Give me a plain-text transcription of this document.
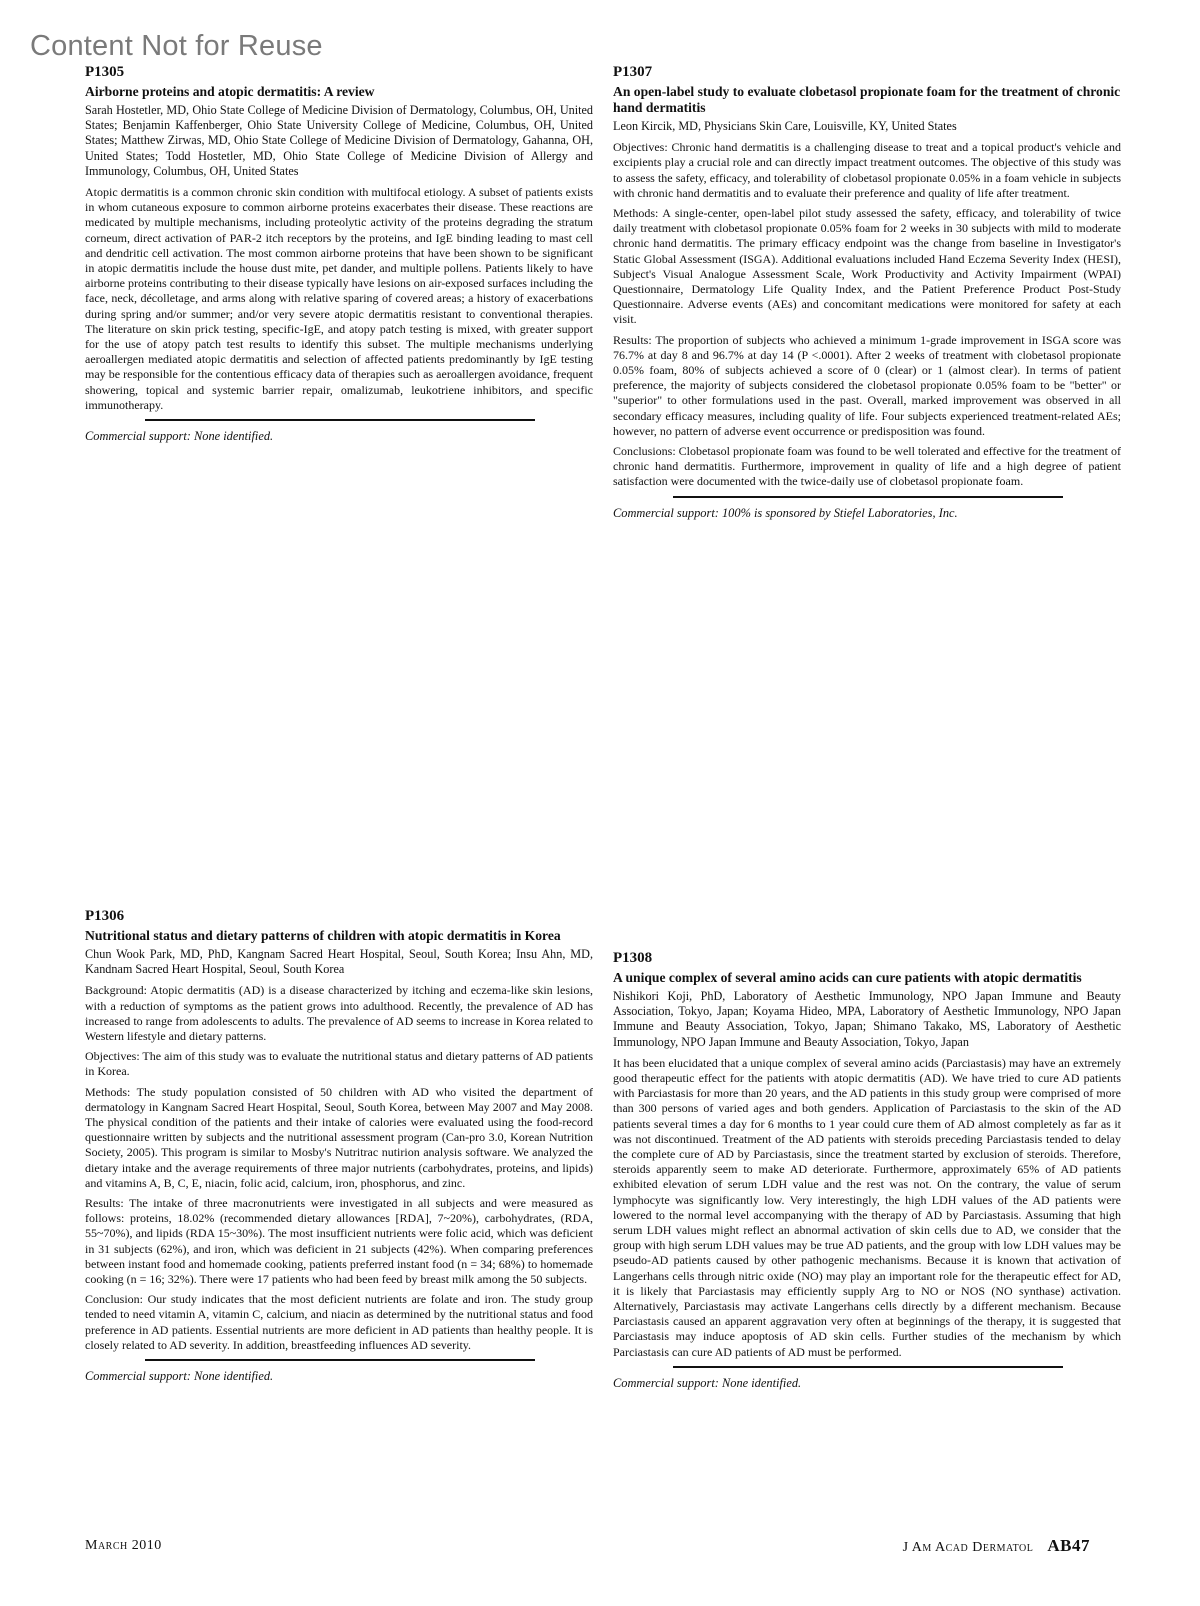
Content Not for Reuse

P1305

Airborne proteins and atopic dermatitis: A review

Sarah Hostetler, MD, Ohio State College of Medicine Division of Dermatology, Columbus, OH, United States; Benjamin Kaffenberger, Ohio State University College of Medicine, Columbus, OH, United States; Matthew Zirwas, MD, Ohio State College of Medicine Division of Dermatology, Gahanna, OH, United States; Todd Hostetler, MD, Ohio State College of Medicine Division of Allergy and Immunology, Columbus, OH, United States

Atopic dermatitis is a common chronic skin condition with multifocal etiology. A subset of patients exists in whom cutaneous exposure to common airborne proteins exacerbates their disease. These reactions are medicated by multiple mechanisms, including proteolytic activity of the proteins degrading the stratum corneum, direct activation of PAR-2 itch receptors by the proteins, and IgE binding leading to mast cell and dendritic cell activation. The most common airborne proteins that have been shown to be significant in atopic dermatitis include the house dust mite, pet dander, and multiple pollens. Patients likely to have airborne proteins contributing to their disease typically have lesions on air-exposed surfaces including the face, neck, décolletage, and arms along with relative sparing of covered areas; a history of exacerbations during spring and/or summer; and/or very severe atopic dermatitis resistant to conventional therapies. The literature on skin prick testing, specific-IgE, and atopy patch testing is mixed, with greater support for the use of atopy patch test results to identify this subset. The multiple mechanisms underlying aeroallergen mediated atopic dermatitis and selection of affected patients predominantly by IgE testing may be responsible for the contentious efficacy data of therapies such as aeroallergen avoidance, frequent showering, topical and systemic barrier repair, omalizumab, leukotriene inhibitors, and specific immunotherapy.

Commercial support: None identified.

P1307

An open-label study to evaluate clobetasol propionate foam for the treatment of chronic hand dermatitis

Leon Kircik, MD, Physicians Skin Care, Louisville, KY, United States

Objectives: Chronic hand dermatitis is a challenging disease to treat and a topical product's vehicle and excipients play a crucial role and can directly impact treatment outcomes. The objective of this study was to assess the safety, efficacy, and tolerability of clobetasol propionate 0.05% in a foam vehicle in subjects with chronic hand dermatitis and to evaluate their preference and quality of life after treatment.

Methods: A single-center, open-label pilot study assessed the safety, efficacy, and tolerability of twice daily treatment with clobetasol propionate 0.05% foam for 2 weeks in 30 subjects with mild to moderate chronic hand dermatitis. The primary efficacy endpoint was the change from baseline in Investigator's Static Global Assessment (ISGA). Additional evaluations included Hand Eczema Severity Index (HESI), Subject's Visual Analogue Assessment Scale, Work Productivity and Activity Impairment (WPAI) Questionnaire, Dermatology Life Quality Index, and the Patient Preference Product Post-Study Questionnaire. Adverse events (AEs) and concomitant medications were monitored for safety at each visit.

Results: The proportion of subjects who achieved a minimum 1-grade improvement in ISGA score was 76.7% at day 8 and 96.7% at day 14 (P <.0001). After 2 weeks of treatment with clobetasol propionate 0.05% foam, 80% of subjects achieved a score of 0 (clear) or 1 (almost clear). In terms of patient preference, the majority of subjects considered the clobetasol propionate 0.05% foam to be "better" or "superior" to other formulations used in the past. Overall, marked improvement was observed in all secondary efficacy measures, including quality of life. Four subjects experienced treatment-related AEs; however, no pattern of adverse event occurrence or predisposition was found.

Conclusions: Clobetasol propionate foam was found to be well tolerated and effective for the treatment of chronic hand dermatitis. Furthermore, improvement in quality of life and a high degree of patient satisfaction were documented with the twice-daily use of clobetasol propionate foam.

Commercial support: 100% is sponsored by Stiefel Laboratories, Inc.

P1306

Nutritional status and dietary patterns of children with atopic dermatitis in Korea

Chun Wook Park, MD, PhD, Kangnam Sacred Heart Hospital, Seoul, South Korea; Insu Ahn, MD, Kandnam Sacred Heart Hospital, Seoul, South Korea

Background: Atopic dermatitis (AD) is a disease characterized by itching and eczema-like skin lesions, with a reduction of symptoms as the patient grows into adulthood. Recently, the prevalence of AD has increased to range from adolescents to adults. The prevalence of AD seems to increase in Korea related to Western lifestyle and dietary patterns.

Objectives: The aim of this study was to evaluate the nutritional status and dietary patterns of AD patients in Korea.

Methods: The study population consisted of 50 children with AD who visited the department of dermatology in Kangnam Sacred Heart Hospital, Seoul, South Korea, between May 2007 and May 2008. The physical condition of the patients and their intake of calories were evaluated using the food-record questionnaire written by subjects and the nutritional assessment program (Can-pro 3.0, Korean Nutrition Society, 2005). This program is similar to Mosby's Nutritrac nutirion analysis software. We analyzed the dietary intake and the average requirements of three major nutrients (carbohydrates, proteins, and lipids) and vitamins A, B, C, E, niacin, folic acid, calcium, iron, phosphorus, and zinc.

Results: The intake of three macronutrients were investigated in all subjects and were measured as follows: proteins, 18.02% (recommended dietary allowances [RDA], 7~20%), carbohydrates, (RDA, 55~70%), and lipids (RDA 15~30%). The most insufficient nutrients were folic acid, which was deficient in 31 subjects (62%), and iron, which was deficient in 21 subjects (42%). When comparing preferences between instant food and homemade cooking, patients preferred instant food (n = 34; 68%) to homemade cooking (n = 16; 32%). There were 17 patients who had been feed by breast milk among the 50 subjects.

Conclusion: Our study indicates that the most deficient nutrients are folate and iron. The study group tended to need vitamin A, vitamin C, calcium, and niacin as determined by the nutritional status and food preference in AD patients. Essential nutrients are more deficient in AD patients than healthy people. It is closely related to AD severity. In addition, breastfeeding influences AD severity.

Commercial support: None identified.

P1308

A unique complex of several amino acids can cure patients with atopic dermatitis

Nishikori Koji, PhD, Laboratory of Aesthetic Immunology, NPO Japan Immune and Beauty Association, Tokyo, Japan; Koyama Hideo, MPA, Laboratory of Aesthetic Immunology, NPO Japan Immune and Beauty Association, Tokyo, Japan; Shimano Takako, MS, Laboratory of Aesthetic Immunology, NPO Japan Immune and Beauty Association, Tokyo, Japan

It has been elucidated that a unique complex of several amino acids (Parciastasis) may have an extremely good therapeutic effect for the patients with atopic dermatitis (AD). We have tried to cure AD patients with Parciastasis for more than 20 years, and the AD patients in this study group were comprised of more than 300 persons of varied ages and both genders. Application of Parciastasis to the skin of the AD patients several times a day for 6 months to 1 year could cure them of AD almost completely as far as it was not discontinued. Treatment of the AD patients with steroids preceding Parciastasis tended to delay the complete cure of AD by Parciastasis, since the treatment started by exclusion of steroids. Therefore, steroids apparently seem to make AD deteriorate. Furthermore, approximately 65% of AD patients exhibited elevation of serum LDH value and the rest was not. On the contrary, the value of serum lymphocyte was significantly low. Very interestingly, the high LDH values of the AD patients were lowered to the normal level accompanying with the therapy of AD by Parciastasis. Assuming that high serum LDH values might reflect an abnormal activation of skin cells due to AD, we consider that the group with high serum LDH values may be true AD patients, and the group with low LDH values may be pseudo-AD patients caused by other pathogenic mechanisms. Because it is known that activation of Langerhans cells through nitric oxide (NO) may play an important role for the therapeutic effect for AD, it is likely that Parciastasis may efficiently supply Arg to NO or NOS (NO synthase) activation. Alternatively, Parciastasis may activate Langerhans cells directly by a different mechanism. Because Parciastasis caused an apparent aggravation very often at beginnings of the therapy, it is suggested that Parciastasis may induce apoptosis of AD skin cells. Further studies of the mechanism by which Parciastasis can cure AD patients of AD must be performed.

Commercial support: None identified.

March 2010	J Am Acad Dermatol AB47
